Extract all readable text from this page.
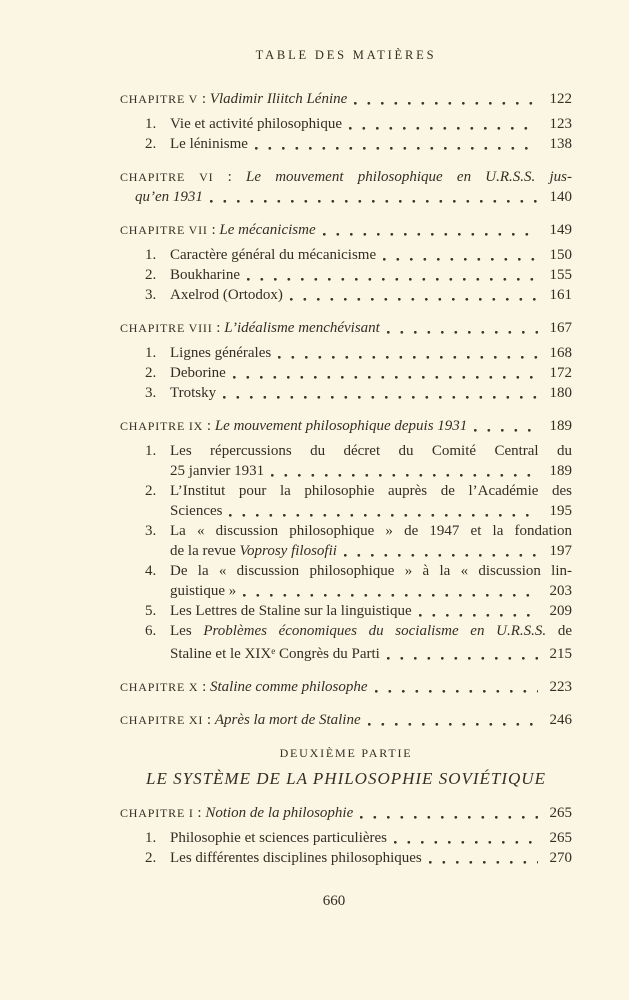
TABLE DES MATIÈRES
CHAPITRE V : Vladimir Iliitch Lénine	122
1. Vie et activité philosophique	123
2. Le léninisme	138
CHAPITRE VI : Le mouvement philosophique en U.R.S.S. jus-
qu’en 1931	140
CHAPITRE VII : Le mécanicisme	149
1. Caractère général du mécanicisme	150
2. Boukharine	155
3. Axelrod (Ortodox)	161
CHAPITRE VIII : L’idéalisme menchévisant	167
1. Lignes générales	168
2. Deborine	172
3. Trotsky	180
CHAPITRE IX : Le mouvement philosophique depuis 1931	189
1. Les répercussions du décret du Comité Central du
25 janvier 1931	189
2. L’Institut pour la philosophie auprès de l’Académie des
Sciences	195
3. La « discussion philosophique » de 1947 et la fondation
de la revue Voprosy filosofii	197
4. De la « discussion philosophique » à la « discussion lin-
guistique »	203
5. Les Lettres de Staline sur la linguistique	209
6. Les Problèmes économiques du socialisme en U.R.S.S. de
Staline et le XIXe Congrès du Parti	215
CHAPITRE X : Staline comme philosophe	223
CHAPITRE XI : Après la mort de Staline	246
DEUXIÈME PARTIE
LE SYSTÈME DE LA PHILOSOPHIE SOVIÉTIQUE
CHAPITRE I : Notion de la philosophie	265
1. Philosophie et sciences particulières	265
2. Les différentes disciplines philosophiques	270
660
